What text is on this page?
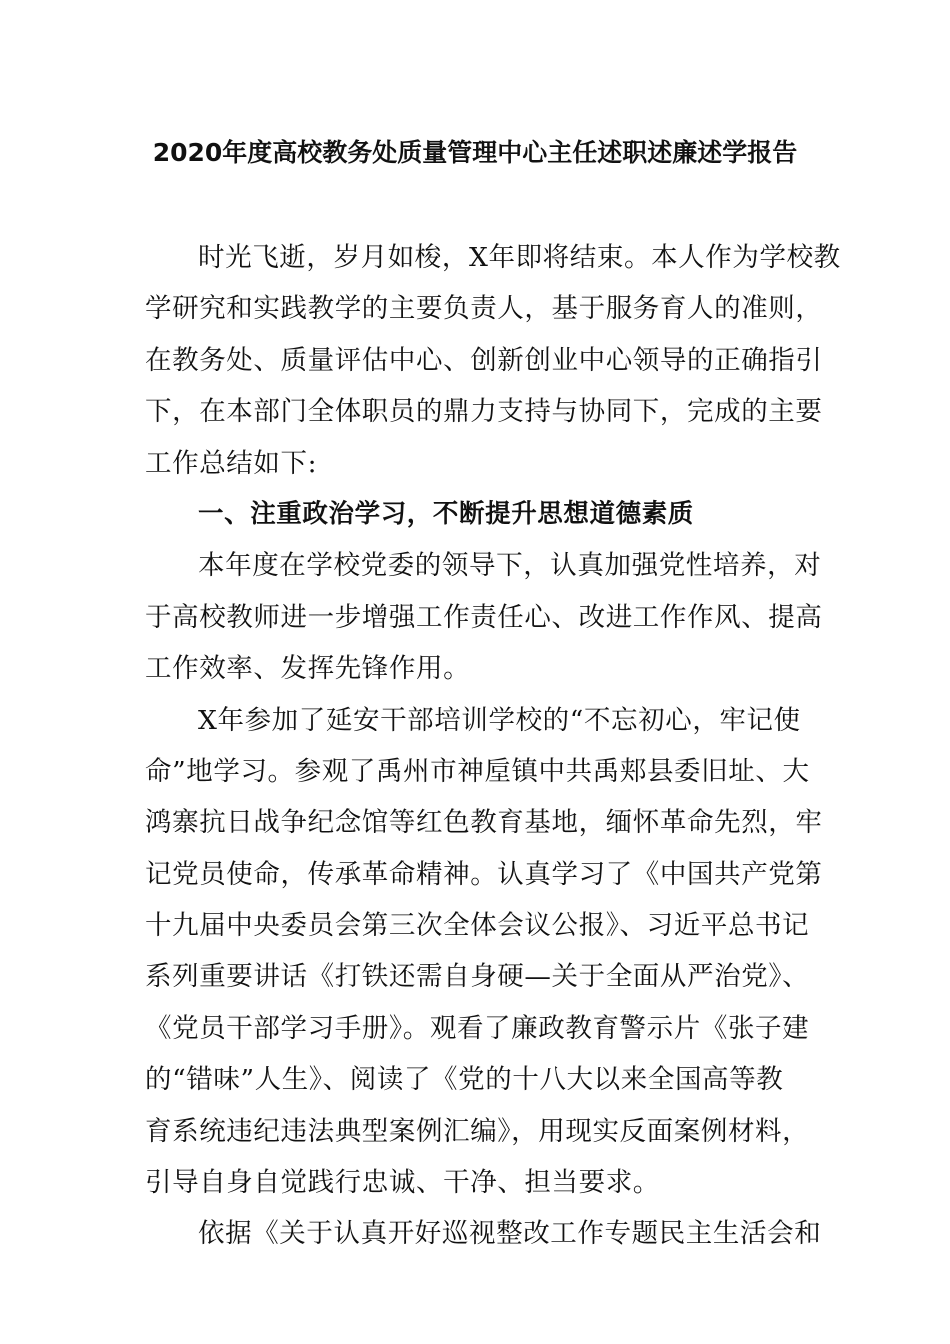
2020年度高校教务处质量管理中心主任述职述廉述学报告
时光飞逝，岁月如梭，X年即将结束。本人作为学校教
学研究和实践教学的主要负责人，基于服务育人的准则，
在教务处、质量评估中心、创新创业中心领导的正确指引
下，在本部门全体职员的鼎力支持与协同下，完成的主要
工作总结如下:
一、注重政治学习，不断提升思想道德素质
本年度在学校党委的领导下，认真加强党性培养，对
于高校教师进一步增强工作责任心、改进工作作风、提高
工作效率、发挥先锋作用。
X年参加了延安干部培训学校的“不忘初心，牢记使
命”地学习。参观了禹州市神垕镇中共禹郏县委旧址、大
鸿寨抗日战争纪念馆等红色教育基地，缅怀革命先烈，牢
记党员使命，传承革命精神。认真学习了《中国共产党第
十九届中央委员会第三次全体会议公报》、习近平总书记
系列重要讲话《打铁还需自身硬—关于全面从严治党》、
《党员干部学习手册》。观看了廉政教育警示片《张子建
的“错味”人生》、阅读了《党的十八大以来全国高等教
育系统违纪违法典型案例汇编》，用现实反面案例材料，
引导自身自觉践行忠诚、干净、担当要求。
依据《关于认真开好巡视整改工作专题民主生活会和
